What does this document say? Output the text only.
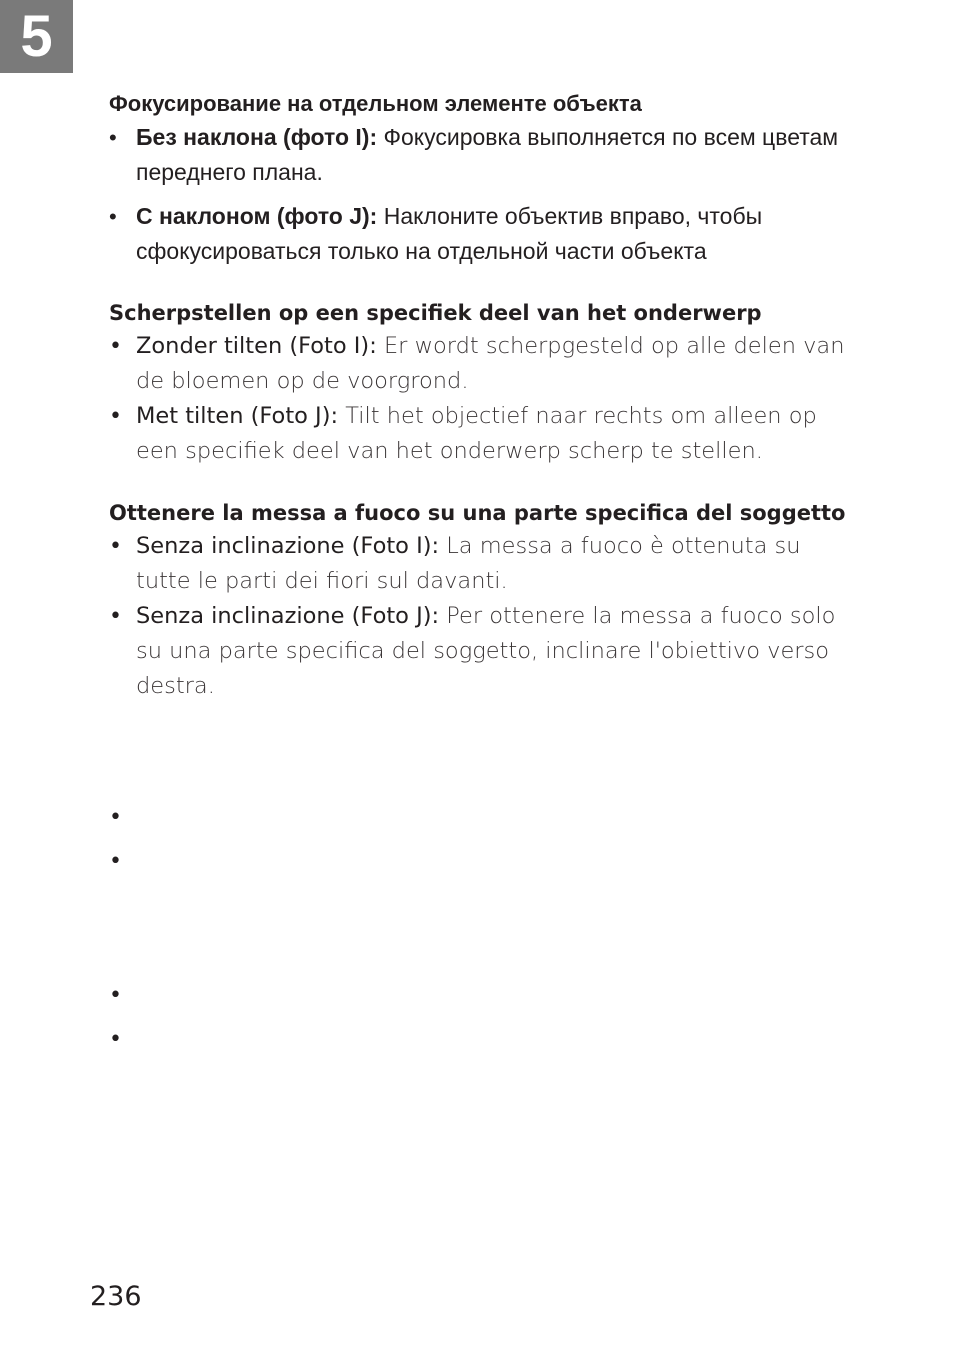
5
Фокусирование на отдельном элементе объекта
• Без наклона (фото I): Фокусировка выполняется по всем цветам переднего плана.
• С наклоном (фото J): Наклоните объектив вправо, чтобы сфокусироваться только на отдельной части объекта
Scherpstellen op een specifiek deel van het onderwerp
• Zonder tilten (Foto I): Er wordt scherpgesteld op alle delen van de bloemen op de voorgrond.
• Met tilten (Foto J): Tilt het objectief naar rechts om alleen op een specifiek deel van het onderwerp scherp te stellen.
Ottenere la messa a fuoco su una parte specifica del soggetto
• Senza inclinazione (Foto I): La messa a fuoco è ottenuta su tutte le parti dei fiori sul davanti.
• Senza inclinazione (Foto J): Per ottenere la messa a fuoco solo su una parte specifica del soggetto, inclinare l'obiettivo verso destra.
•
•
•
•
236
